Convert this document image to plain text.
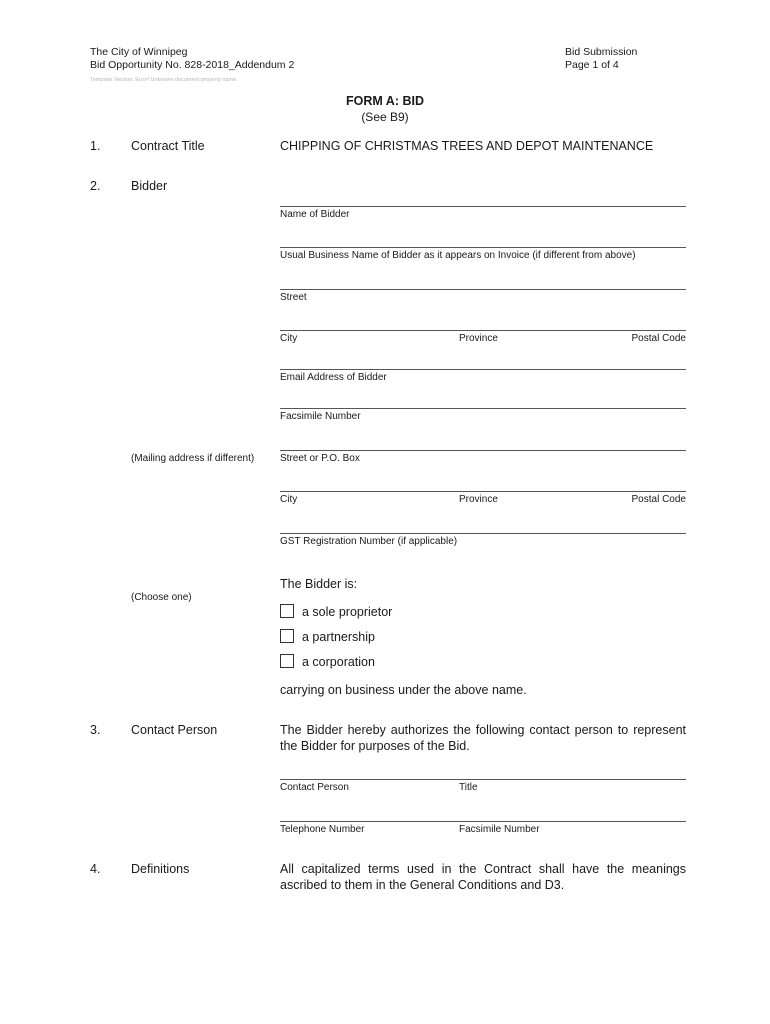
The City of Winnipeg
Bid Opportunity No. 828-2018_Addendum 2
Template Version: Error! Unknown document property name.
Bid Submission
Page 1 of 4
FORM A: BID
(See B9)
1. Contract Title	CHIPPING OF CHRISTMAS TREES AND DEPOT MAINTENANCE
2. Bidder
Name of Bidder
Usual Business Name of Bidder as it appears on Invoice (if different from above)
Street
City	Province	Postal Code
Email Address of Bidder
Facsimile Number
(Mailing address if different)	Street or P.O. Box
City	Province	Postal Code
GST Registration Number (if applicable)
The Bidder is:
(Choose one)
a sole proprietor
a partnership
a corporation
carrying on business under the above name.
3. Contact Person	The Bidder hereby authorizes the following contact person to represent the Bidder for purposes of the Bid.
Contact Person	Title
Telephone Number	Facsimile Number
4. Definitions	All capitalized terms used in the Contract shall have the meanings ascribed to them in the General Conditions and D3.
